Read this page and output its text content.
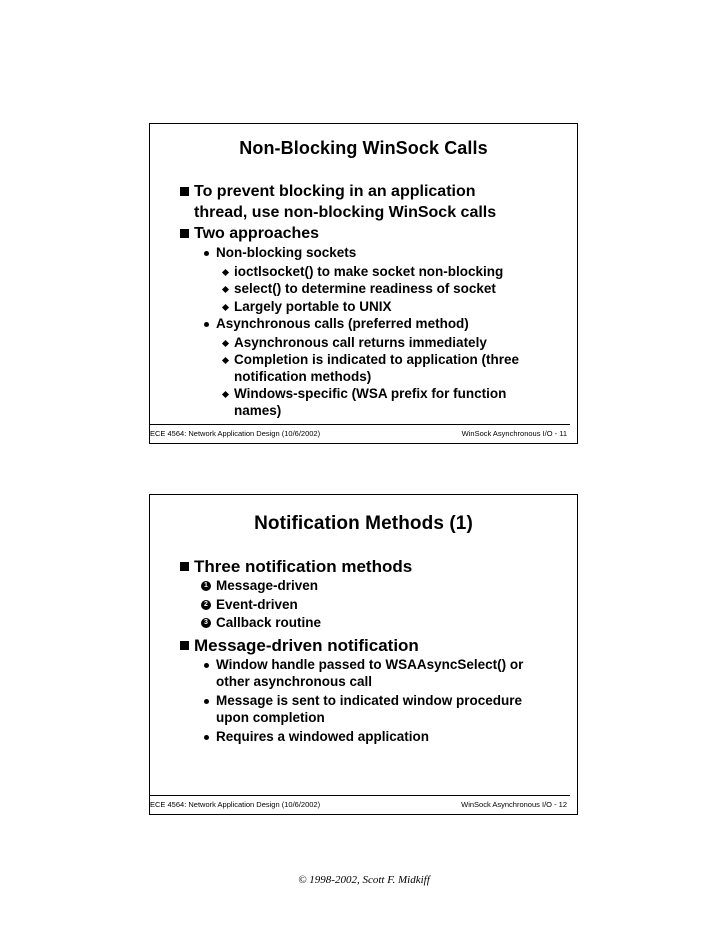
Non-Blocking WinSock Calls
To prevent blocking in an application
thread, use non-blocking WinSock calls
Two approaches
Non-blocking sockets
ioctlsocket() to make socket non-blocking
select() to determine readiness of socket
Largely portable to UNIX
Asynchronous calls (preferred method)
Asynchronous call returns immediately
Completion is indicated to application (three
notification methods)
Windows-specific (WSA prefix for function
names)
ECE 4564: Network Application Design (10/6/2002)	WinSock Asynchronous I/O - 11
Notification Methods (1)
Three notification methods
1 Message-driven
2 Event-driven
3 Callback routine
Message-driven notification
Window handle passed to WSAAsyncSelect() or
other asynchronous call
Message is sent to indicated window procedure
upon completion
Requires a windowed application
ECE 4564: Network Application Design (10/6/2002)	WinSock Asynchronous I/O - 12
© 1998-2002, Scott F. Midkiff
